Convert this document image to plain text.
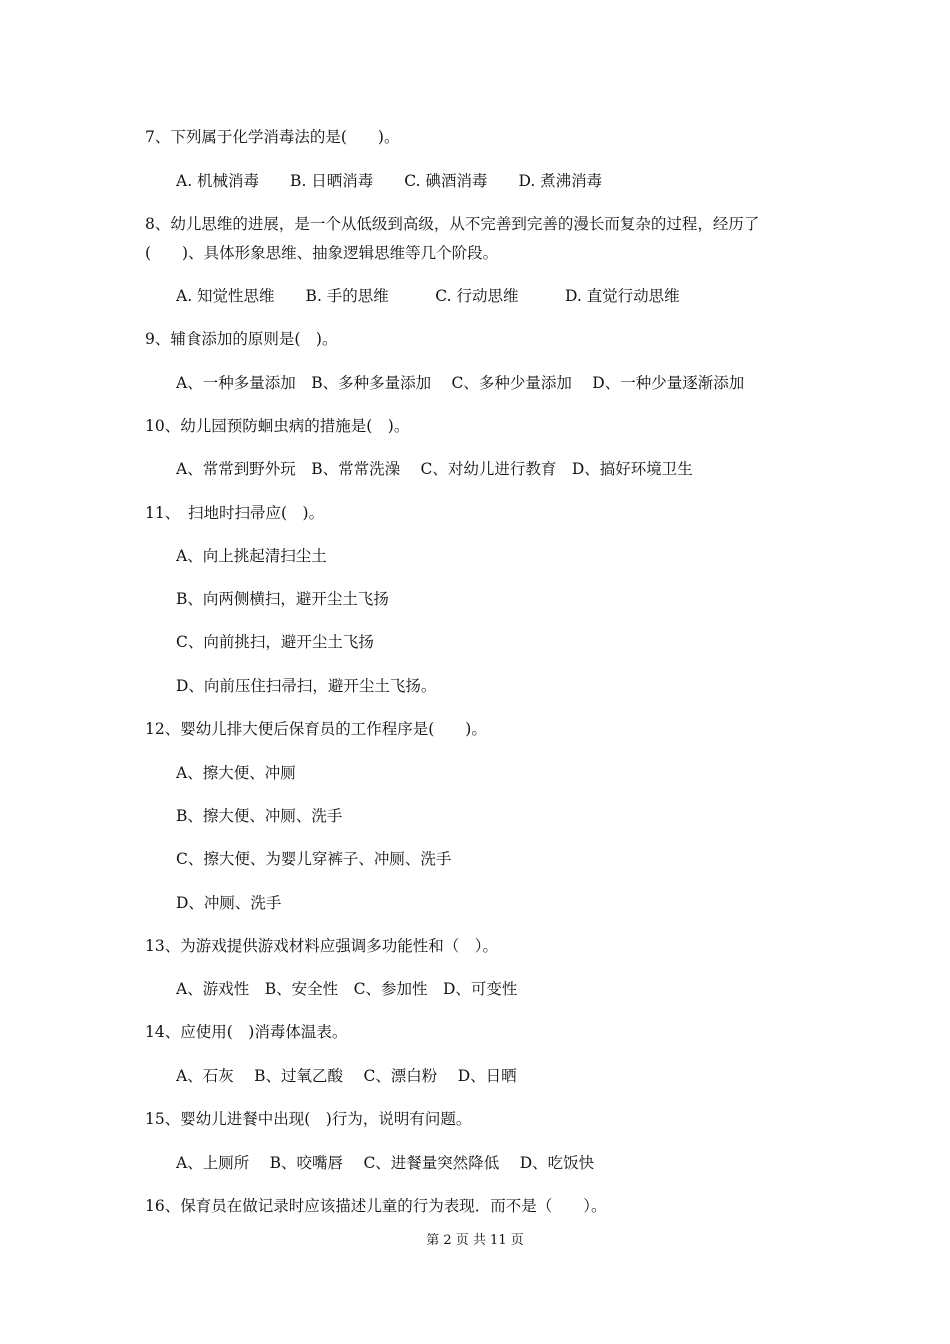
7、下列属于化学消毒法的是(　　)。
A. 机械消毒　　B. 日晒消毒　　C. 碘酒消毒　　D. 煮沸消毒
8、幼儿思维的进展，是一个从低级到高级，从不完善到完善的漫长而复杂的过程，经历了
(　　)、具体形象思维、抽象逻辑思维等几个阶段。
A. 知觉性思维　　B. 手的思维　　　C. 行动思维　　　D. 直觉行动思维
9、辅食添加的原则是(　)。
A、一种多量添加　B、多种多量添加　 C、多种少量添加　 D、一种少量逐渐添加
10、幼儿园预防蛔虫病的措施是(　)。
A、常常到野外玩　B、常常洗澡　 C、对幼儿进行教育　D、搞好环境卫生
11、　扫地时扫帚应(　)。
A、向上挑起清扫尘土
B、向两侧横扫，避开尘土飞扬
C、向前挑扫，避开尘土飞扬
D、向前压住扫帚扫，避开尘土飞扬。
12、婴幼儿排大便后保育员的工作程序是(　　)。
A、擦大便、冲厕
B、擦大便、冲厕、洗手
C、擦大便、为婴儿穿裤子、冲厕、洗手
D、冲厕、洗手
13、为游戏提供游戏材料应强调多功能性和（　）。
A、游戏性　B、安全性　C、参加性　D、可变性
14、应使用(　)消毒体温表。
A、石灰　 B、过氧乙酸　 C、漂白粉　 D、日晒
15、婴幼儿进餐中出现(　)行为，说明有问题。
A、上厕所　 B、咬嘴唇　 C、进餐量突然降低　 D、吃饭快
16、保育员在做记录时应该描述儿童的行为表现．而不是（　　）。
第 2 页 共 11 页
